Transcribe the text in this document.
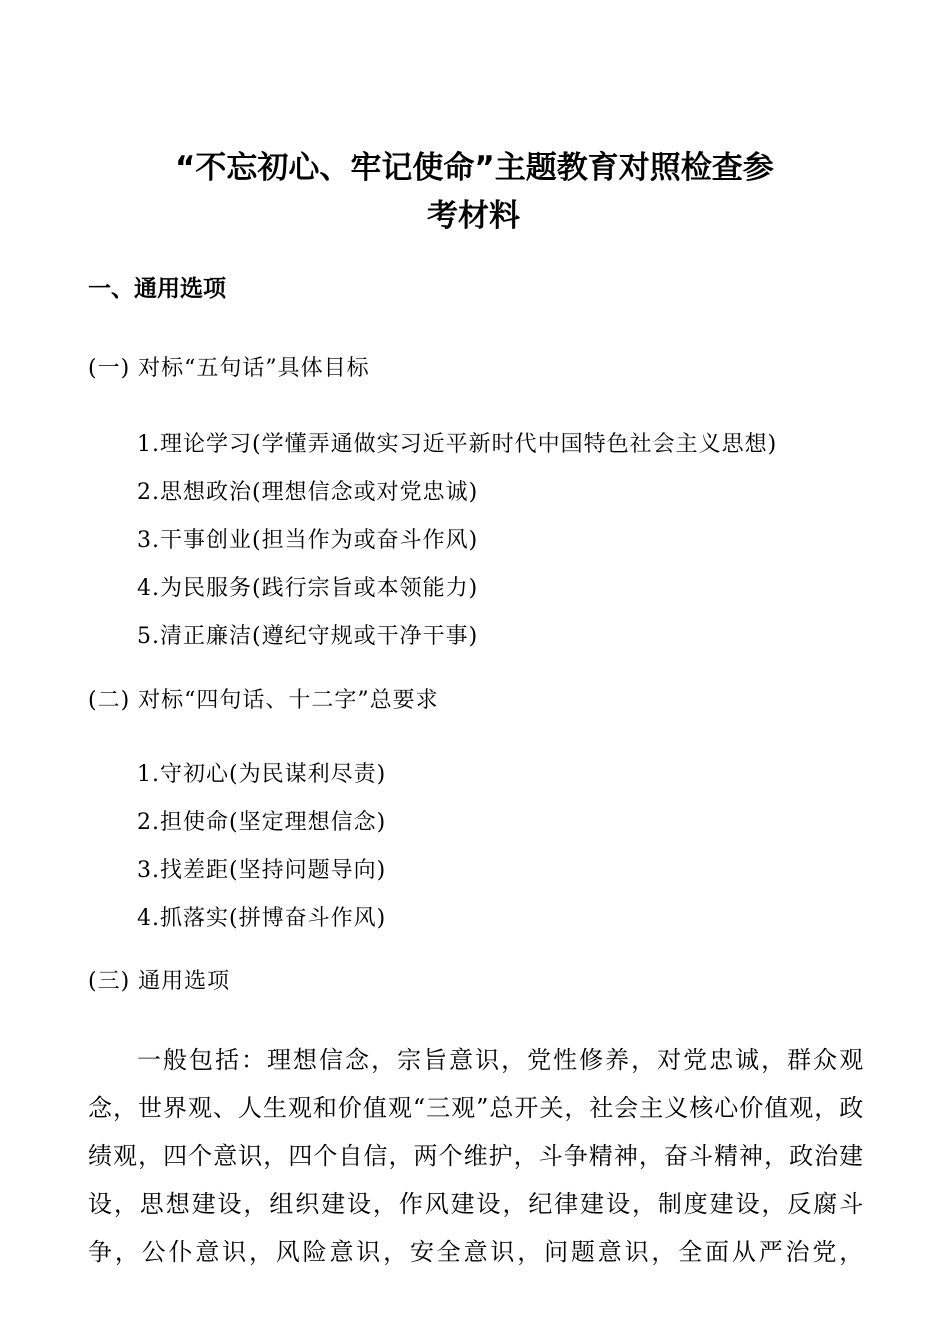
“不忘初心、牢记使命”主题教育对照检查参
考材料
一、通用选项
(一) 对标“五句话”具体目标
1.理论学习(学懂弄通做实习近平新时代中国特色社会主义思想)
2.思想政治(理想信念或对党忠诚)
3.干事创业(担当作为或奋斗作风)
4.为民服务(践行宗旨或本领能力)
5.清正廉洁(遵纪守规或干净干事)
(二) 对标“四句话、十二字”总要求
1.守初心(为民谋利尽责)
2.担使命(坚定理想信念)
3.找差距(坚持问题导向)
4.抓落实(拼博奋斗作风)
(三) 通用选项

一般包括：理想信念，宗旨意识，党性修养，对党忠诚，群众观念，世界观、人生观和价值观“三观”总开关，社会主义核心价值观，政绩观，四个意识，四个自信，两个维护，斗争精神，奋斗精神，政治建设，思想建设，组织建设，作风建设，纪律建设，制度建设，反腐斗争，公仆意识，风险意识，安全意识，问题意识，全面从严治党，
